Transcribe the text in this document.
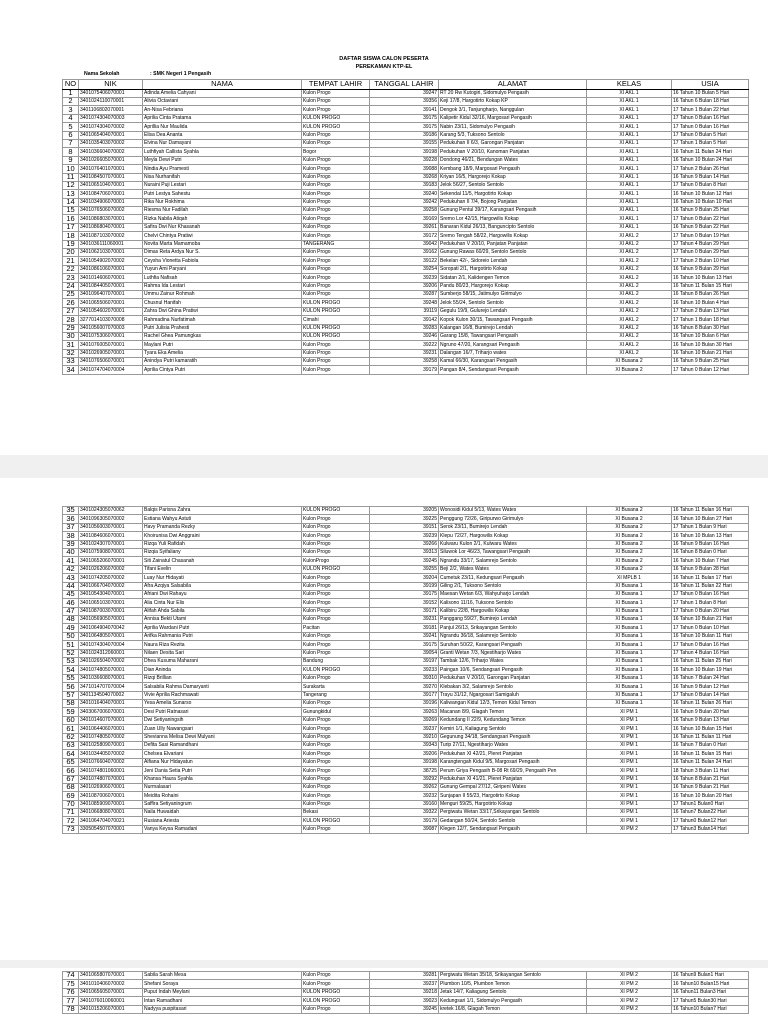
DAFTAR SISWA CALON PESERTA
PEREKAMAN KTP-EL
Nama Sekolah	: SMK Negeri 1 Pengasih
NO	NIK	NAMA	TEMPAT LAHIR	TANGGAL LAHIR	ALAMAT	KELAS	USIA
1	3401075406070001	Adinda Amelia Cahyani	Kulon Progo	39247	RT 20 Rw Kutogiri, Sidomulyo Pengasih	XI AKL 1	16 Tahun 10 Bulan 5 Hari
2	3401024110070001	Alivia Octaviani	Kulon Progo	39356	Keji 17/8, Hargotirto Kokap KP	XI AKL 1	16 Tahun 6 Bulan 18 Hari
3	3401106802070001	An-Nisa Febriana	Kulon Progo	39141	Dengok 3/1, Tanjungharjo, Nanggulan	XI AKL 1	17 Tahun 1 Bulan 22 Hari
4	3401074304070003	Aprilia Cinta Pratama	KULON PROGO	39175	Kalipetir Kidul 32/16, Margosari Pengasih	XI AKL 1	17 Tahun 0 Bulan 16 Hari
5	3401074304070002	Aprillia Nur Maulida	KULON PROGO	39175	Nabin 23/11, Sidomulyo Pengasih	XI AKL 1	17 Tahun 0 Bulan 16 Hari
6	3401065404070001	Elisa Dea Ananta	Kulon Progo	39186	Karang 5/3, Tuksono Sentolo	XI AKL 1	17 Tahun 0 Bulan 5 Hari
7	3401035403070002	Elvina Nur Damayani	Kulon Progo	39155	Pedukuhan II 6/3, Garongan Panjatan	XI AKL 1	17 Tahun 1 Bulan 5 Hari
8	3401036604070002	Luthfiyah Callista Syahla	Bogor	39198	Pedukuhan V 20/10, Kanoman Panjatan	XI AKL 1	16 Tahun 11 Bulan 24 Hari
9	3401026605070001	Meyla Dewi Putri	Kulon Progo	39228	Dondong 46/21, Bendungan Wates	XI AKL 1	16 Tahun 10 Bulan 24 Hari
10	3401076401070001	Nindia Ayu Pramesti	Kulon Progo	39088	Kembang 18/9, Margosari Pengasih	XI AKL 1	17 Tahun 2 Bulan 26 Hari
11	3401084507070001	Nisa Nurhanifah	Kulon Progo	39268	Kriyan 16/5, Hargorejo Kokap	XI AKL 1	16 Tahun 9 Bulan 14 Hari
12	3401065104070001	Nuraini Puji Lestari	Kulon Progo	39183	Jelok 56/27, Sentolo Sentolo	XI AKL 1	17 Tahun 0 Bulan 8 Hari
13	3401084706070001	Putri Lestya Sahestu	Kulon Progo	39240	Sekendal 11/5, Hargotirto Kokap	XI AKL 1	16 Tahun 10 Bulan 12 Hari
14	3401034906070001	Rika Nur Rokhima	Kulon Progo	39242	Pedukuhan II 7/4, Bojong Panjatan	XI AKL 1	16 Tahun 10 Bulan 10 Hari
15	3401076506070002	Riesma Nur Fadilah	Kulon Progo	39258	Gunung Pentul 39/17, Karangsari Pengasih	XI AKL 1	16 Tahun 9 Bulan 25 Hari
16	3401086803070001	Rizka Nabila Atiqah	Kulon Progo	39169	Sremo Lor 42/15, Hargowilis Kokap	XI AKL 1	17 Tahun 0 Bulan 22 Hari
17	3401086804070001	Safira Dwi Nur Khasanah	Kulon Progo	39261	Banaran Kidul 26/13, Banguncipto Sentolo	XI AKL 1	16 Tahun 9 Bulan 22 Hari
18	3401087103070002	Chelvi Chintya Pratiwi	Kulon Progo	39172	Sremo Tengah 58/22, Hargowilis Kokap	XI AKL 2	17 Tahun 0 Bulan 19 Hari
19	3401036111060001	Novita Marta Mamamoba	TANGERANG	39042	Pedukuhan V 20/10, Panjatan Panjatan	XI AKL 2	17 Tahun 4 Bulan 29 Hari
20	3401062103070001	Dimas Reta Ardya Nur S.	Kulon Progo	39162	Gunung Rawas 60/29, Sentolo Sentolo	XI AKL 2	17 Tahun 0 Bulan 29 Hari
21	3401054902070002	Ceysha Vionetta Fabiola	Kulon Progo	39122	Bekelan 42/-, Sidoreio Lendah	XI AKL 2	17 Tahun 2 Bulan 10 Hari
22	3401086106070001	Yuyun Ami Paryani	Kulon Progo	39254	Soropati 2/1, Hargotirto Kokap	XI AKL 2	16 Tahun 9 Bulan 29 Hari
23	3401014606070001	Luthfia Nafisah	Kulon Progo	39239	Sidatan 2/1, Kalidengen Temon	XI AKL 2	16 Tahun 10 Bulan 13 Hari
24	3401084405070001	Rahma Ida Lestari	Kulon Progo	39206	Pandu 80/23, Hargorejo Kokap	XI AKL 2	16 Tahun 11 Bulan 15 Hari
25	3401096407070001	Ummu Zainur Rohmah	Kulon Progo	39287	Sumberjo 58/15, Jatimulyo Girimulyo	XI AKL 2	16 Tahun 8 Bulan 26 Hari
26	3401065506070001	Chusnul Hanifah	KULON PROGO	39248	Jelok 55/24, Sentolo Sentolo	XI AKL 2	16 Tahun 10 Bulan 4 Hari
27	3401054602070001	Zahra Dwi Ghina Pratiwi	KULON PROGO	39119	Gegulu 19/9, Gulurejo Lendah	XI AKL 2	17 Tahun 2 Bulan 13 Hari
28	3277014103070008	Rahmadina Nurfatimah	Cimahi	39142	Kopok Kulon 30/15, Tawangsari Pengasih	XI AKL 2	17 Tahun 1 Bulan 18 Hari
29	3401056007070003	Putri Julisia Prahesti	KULON PROGO	39283	Kalangan 16/8, Bumirejo Lendah	XI AKL 2	16 Tahun 8 Bulan 30 Hari
30	3401075306070001	Rachel Ghea Pamungkas	KULON PROGO	39246	Garang 15/8, Tawangsari Pengasih	XI AKL 2	16 Tahun 10 Bulan 6 Hari
31	3401076005070001	Maylani Putri	Kulon Progo	39222	Ngruno 47/20, Karangsari Pengasih	XI AKL 2	16 Tahun 10 Bulan 30 Hari
32	3401026905070001	Tyara Eka Amelia	Kulon Progo	39231	Dalangan 16/7, Triharjo wates	XI AKL 2	16 Tahun 10 Bulan 21 Hari
33	3401076506070001	Anindya Putri kamaratih	Kulon Progo	39258	Kamal 66/30, Karangsari Pengasih	XI Busana 2	16 Tahun 9 Bulan 25 Hari
34	3401074704070004	Aprilia Cintya Putri	Kulon Progo	39179	Pangan 8/4, Sendangsari Pengasih	XI Busana 2	17 Tahun 0 Bulan 12 Hari
35	3401024305070062	Balqis Parisna Zahra	KULON PROGO	39205	Wonosidi Kidul 5/13, Wates Wates	XI Busana 2	16 Tahun 11 Bulan 16 Hari
36	3401096305070002	Estiana Wahyu Astuti	Kulon Progo	39225	Penggung 72/26, Giripurwo Girimulyo	XI Busana 2	16 Tahun 10 Bulan 27 Hari
37	3401056003070001	Havy Pramanda Rezky	Kulon Progo	39151	Serok 23/11, Bumirejo Lendah	XI Busana 2	17 Tahun 1 Bulan 9 Hari
38	3401084606070001	Khoirunisa Dwi Anggraini	Kulon Progo	39239	Klepu 72/27, Hargowilis Kokap	XI Busana 2	16 Tahun 10 Bulan 13 Hari
39	3401024307070001	Rizqa Yuli Rafidah	Kulon Progo	39266	Kulwaru Kulon 2/1, Kulwaru Wates	XI Busana 2	16 Tahun 9 Bulan 16 Hari
40	3401075908070001	Rizqia Syifaliany	Kulon Progo	39313	Siluwok Lor 46/23, Tawangsari Pengasih	XI Busana 2	16 Tahun 8 Bulan 0 Hari
41	3401065206070001	Siti Zainatul Chasanah	KulonProgo	39245	Ngrandu 33/17, Salamrejo Sentolo	XI Busana 2	16 Tahun 10 Bulan 7 Hari
42	3401026206070002	Tifani Evelin	KULON PROGO	39255	Beji 2/2, Wates Wates	XI Busana 2	16 Tahun 9 Bulan 28 Hari
43	3401074205070002	Luay Nur Hidayati	Kulon Progo	39204	Cumetuk 23/11, Kedungsari Pengasih	XI MPLB 1	16 Tahun 11 Bulan 17 Hari
44	3401066704070002	Afra Azqiya Salsabila	Kulon Progo	39199	Giling 2/1, Tuksono Sentolo	XI Busana 1	16 Tahun 11 Bulan 22 Hari
45	3401054304070001	Afriani Dwi Rahayu	Kulon Progo	39175	Maesan Wetan 6/3, Wahyuharjo Lendah	XI Busana 1	17 Tahun 0 Bulan 16 Hari
46	3401065103070001	Alia Cinta Nur Elis	Kulon Progo	39152	Kalisono 11/16, Tuksono Sentolo	XI Busana 1	17 Tahun 1 Bulan 8 Hari
47	3401087003070001	Alifah Ahda Sabila	Kulon Progo	39171	Kalibiru 22/8, Hargowilis Kokap	XI Busana 1	17 Tahun 0 Bulan 20 Hari
48	3401056905070001	Annisa Bekti Utami	Kulon Progo	39231	Panggang 59/27, Bumirejo Lendah	XI Busana 1	16 Tahun 10 Bulan 21 Hari
49	3401064904070042	Aprilia Wardani Putri	Pacitan	39181	Panjul 26/13, Srikayangan Sentolo	XI Busana 1	17 Tahun 0 Bulan 10 Hari
50	3401064805070001	Arifka Rahmania Putri	Kulon Progo	39241	Ngrandu 36/18, Salamrejo Sentolo	XI Busana 1	16 Tahun 10 Bulan 11 Hari
51	3401074304070004	Naura Riza Rezita	Kulon Progo	39175	Suruhan 50/22, Karangsari Pengasih	XI Busana 1	17 Tahun 0 Bulan 16 Hari
52	3401024312060001	Nilaen Desita Sari	Kulon Progo	39054	Granti Wetan 7/3, Ngestiharjo Wates	XI Busana 1	17 Tahun 4 Bulan 16 Hari
53	3401026504070002	Dhea Kusuma Maharani	Bandung	39197	Tambak 12/6, Triharjo Wates	XI Busana 1	16 Tahun 11 Bulan 25 Hari
54	3401074805070001	Dian Aninda	KULON PROGO	39233	Paingan 10/6, Sendangsari Pengasih	XI Busana 1	16 Tahun 10 Bulan 19 Hari
55	3401036608070001	Rizqi Brillian	Kulon Progo	39310	Pedukuhan V 20/10, Garongan Panjatan	XI Busana 1	16 Tahun 7 Bulan 24 Hari
56	3471014707070004	Salsabila Rahma Damaryanti	Surakarta	39270	Klebakan 3/2, Salamrejo Sentolo	XI Busana 1	16 Tahun 9 Bulan 12 Hari
57	3401134504070002	Vivie Aprilia Rachmawati	Tangerang	39177	Trayu 31/12, Ngargosari Samigaluh	XI Busana 1	17 Tahun 0 Bulan 14 Hari
58	3401016404070001	Yesa Amelia Sunarso	Kulon Progo	39196	Kaliwangan Kidul 12/3, Temon Kidul Temon	XI Busana 1	16 Tahun 11 Bulan 26 Hari
59	3403067006070001	Desi Putri Ratnasari	Gunungkidul	39263	Macanan 8/9, Glagah Temon	XI PM 1	16 Tahun 9 Bulan 20 Hari
60	3401014607070001	Dwi Setiyaningsih	Kulon Progo	39269	Kedundang II 22/9, Kedundang Temon	XI PM 1	16 Tahun 9 Bulan 13 Hari
61	3401064406070001	Zuan Ully Nawangsari	Kulon Progo	39237	Kemiri 1/1, Kaliagung Sentolo	XI PM 1	16 Tahun 10 Bulan 15 Hari
62	3401074805070002	Shevianna Melisa Dewi Mulyani	Kulon Progo	39210	Gegunung 34/18, Sendangsari Pengasih	XI PM 1	16 Tahun 11 Bulan 11 Hari
63	3401025809070001	Defita Sasi Ramandhani	Kulon Progo	39343	Turip 27/11, Ngestiharjo Wates	XI PM 1	16 Tahun 7 Bulan 0 Hari
64	3401034405070002	Chelsea Elvariani	Kulon Progo	39206	Pedukuhan XI 42/21, Pleret Panjatan	XI PM 1	16 Tahun 11 Bulan 15 Hari
65	3401076604070002	Alfiana Nur Hidayatun	Kulon Progo	39198	Karangtengah Kidul 9/5, Margosari Pengasih	XI PM 1	16 Tahun 11 Bulan 24 Hari
66	3401074801060001	Jeni Dania Setia Putri	Kulon Progo	38725	Perum Griya Pengasih B-08 Rt 69/29, Pengasih Pen	XI PM 1	18 Tahun 3 Bulan 11 Hari
67	3401074807070001	Khansa Haura Syahla	Kulon Progo	39292	Pedukuhan XI 41/21, Pleret Panjatan	XI PM 1	16 Tahun 8 Bulan 21 Hari
68	3401026906070001	Nurmalasari	Kulon Progo	39262	Gunung Gempal 27/12, Giripeni Wates	XI PM 1	16 Tahun 9 Bulan 21 Hari
69	3401087006070001	Meidita Rohaini	Kulon Progo	39232	Sunjapan II 55/23, Hargotirto Kokap	XI PM 1	16 Tahun 10 Bulan 20 Hari
70	3401085909070001	Saffira Setiyaningrum	Kulon Progo	39160	Menguri 59/25, Hargotirto Kokap	XI PM 1	17 Tahun1 Bulan0 Hari
71	3401066808070001	Naila Huwaidah	Bekasi	39322	Pergiwatu Wetan 33/17,Srikayangan Sentolo	XI PM 1	16 Tahun7 Bulan22 Hari
72	3401064704070021	Rusiana Ariesta	KULON PROGO	39179	Gedangan 50/24, Sentolo Sentolo	XI PM 1	17 Tahun0 Bulan12 Hari
73	3305054507070001	Vanya Keysa Ramadani	Kulon Progo	39087	Klegen 12/7, Sendangsari Pengasih	XI PM 2	17 Tahun3 Bulan14 Hari
74	3401065807070001	Sabila Sarah Mesa	Kulon Progo	39281	Pergiwatu Wetan 35/18, Srikayangan Sentolo	XI PM 2	16 Tahun9 Bulan1 Hari
75	3401010406070002	Shefani Soraya	Kulon Progo	39237	Plumbon 10/5, Plumbon Temon	XI PM 2	16 Tahun10 Bulan15 Hari
76	3401065605070001	Puput Indah Meylani	KULON PROGO	39218	Jetak 14/7, Kaliagung Sentolo	XI PM 2	16 Tahun11 Bulan3 Hari
77	3401076010060001	Intan Ramadhani	KULON PROGO	39023	Kedungsari 1/1, Sidomulyo Pengasih	XI PM 2	17 Tahun5 Bulan30 Hari
78	3401015206070001	Nadyya puspitasari	Kulon Progo	39245	kretek 16/8, Glagah Temon	XI PM 2	16 Tahun10 Bulan7 Hari
